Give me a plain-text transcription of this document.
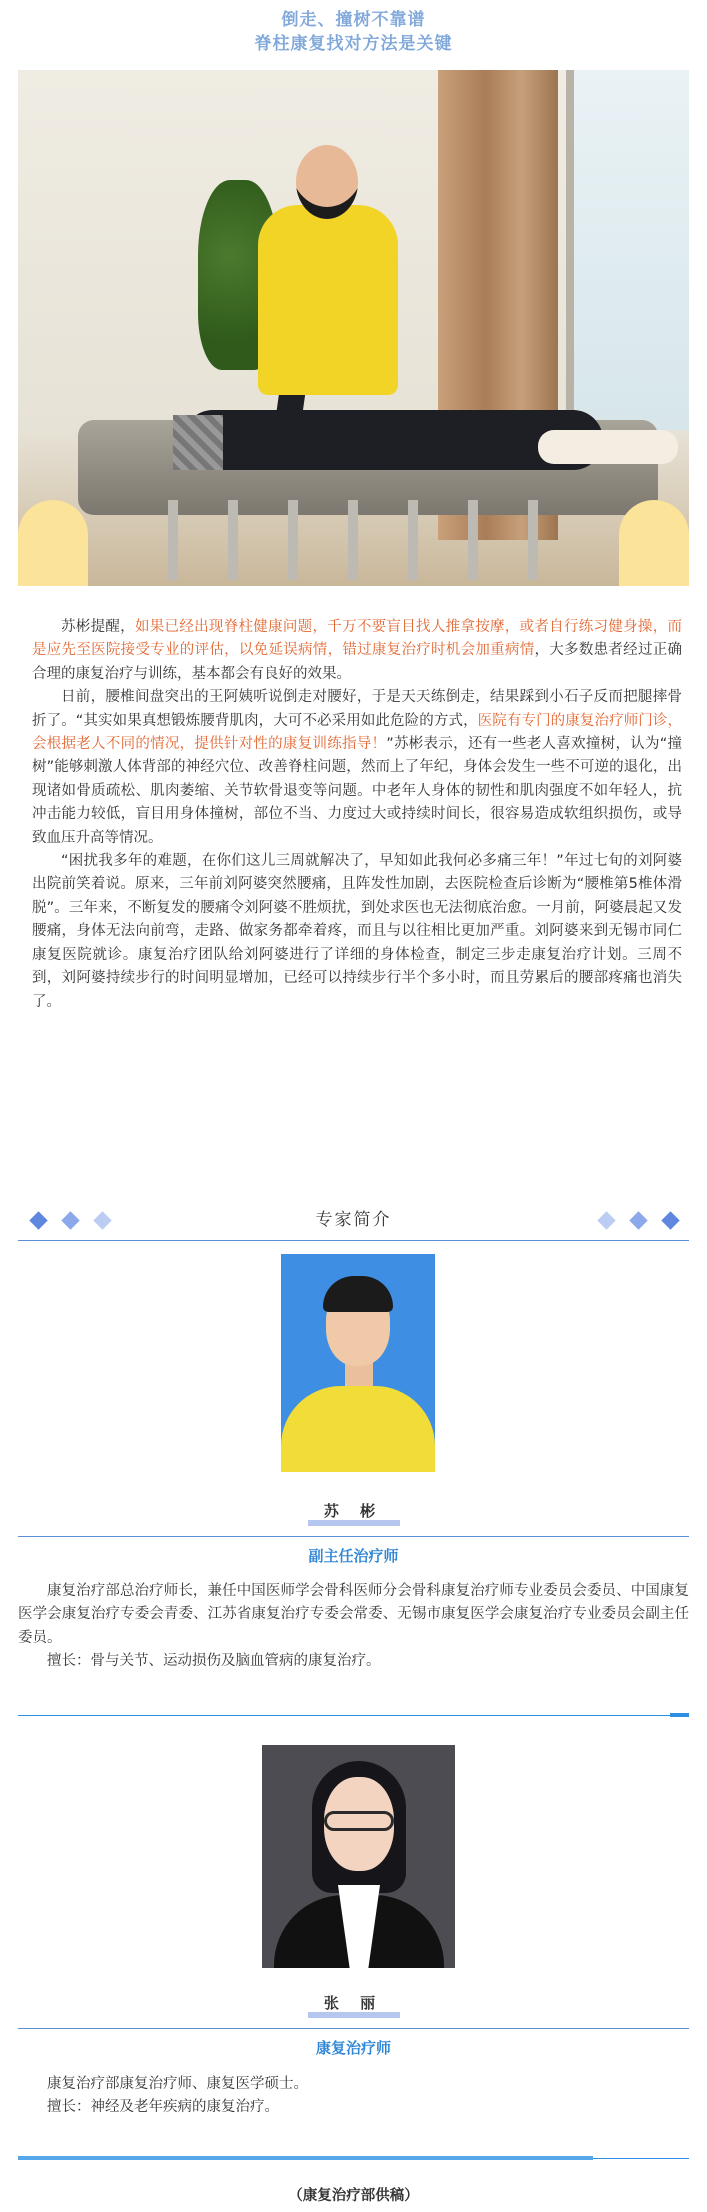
倒走、撞树不靠谱
脊柱康复找对方法是关键

苏彬提醒，如果已经出现脊柱健康问题，千万不要盲目找人推拿按摩，或者自行练习健身操，而是应先至医院接受专业的评估，以免延误病情，错过康复治疗时机会加重病情，大多数患者经过正确合理的康复治疗与训练，基本都会有良好的效果。

日前，腰椎间盘突出的王阿姨听说倒走对腰好，于是天天练倒走，结果踩到小石子反而把腿摔骨折了。“其实如果真想锻炼腰背肌肉，大可不必采用如此危险的方式，医院有专门的康复治疗师门诊，会根据老人不同的情况，提供针对性的康复训练指导！”苏彬表示，还有一些老人喜欢撞树，认为“撞树”能够刺激人体背部的神经穴位、改善脊柱问题，然而上了年纪，身体会发生一些不可逆的退化，出现诸如骨质疏松、肌肉萎缩、关节软骨退变等问题。中老年人身体的韧性和肌肉强度不如年轻人，抗冲击能力较低，盲目用身体撞树，部位不当、力度过大或持续时间长，很容易造成软组织损伤，或导致血压升高等情况。

“困扰我多年的难题，在你们这儿三周就解决了，早知如此我何必多痛三年！”年过七旬的刘阿婆出院前笑着说。原来，三年前刘阿婆突然腰痛，且阵发性加剧，去医院检查后诊断为“腰椎第5椎体滑脱”。三年来，不断复发的腰痛令刘阿婆不胜烦扰，到处求医也无法彻底治愈。一月前，阿婆晨起又发腰痛，身体无法向前弯，走路、做家务都牵着疼，而且与以往相比更加严重。刘阿婆来到无锡市同仁康复医院就诊。康复治疗团队给刘阿婆进行了详细的身体检查，制定三步走康复治疗计划。三周不到，刘阿婆持续步行的时间明显增加，已经可以持续步行半个多小时，而且劳累后的腰部疼痛也消失了。

专家简介
苏 彬
副主任治疗师

康复治疗部总治疗师长，兼任中国医师学会骨科医师分会骨科康复治疗师专业委员会委员、中国康复医学会康复治疗专委会青委、江苏省康复治疗专委会常委、无锡市康复医学会康复治疗专业委员会副主任委员。

擅长：骨与关节、运动损伤及脑血管病的康复治疗。

张 丽
康复治疗师

康复治疗部康复治疗师、康复医学硕士。

擅长：神经及老年疾病的康复治疗。

（康复治疗部供稿）
